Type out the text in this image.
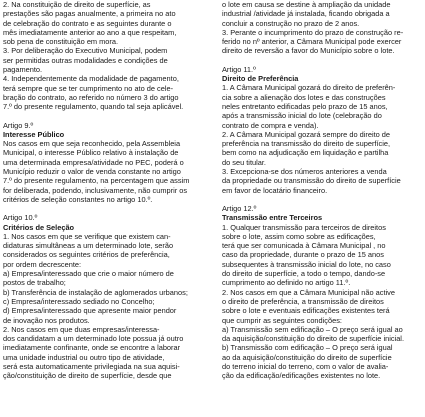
2. Na constituição de direito de superfície, as
prestações são pagas anualmente, a primeira no ato
de celebração do contrato e as seguintes durante o
mês imediatamente anterior ao ano a que respeitam,
sob pena de constituição em mora.

3. Por deliberação do Executivo Municipal, podem
ser permitidas outras modalidades e condições de
pagamento.

4. Independentemente da modalidade de pagamento,
terá sempre que se ter cumprimento no ato de cele-
bração do contrato, ao referido no número 3 do artigo
7.º do presente regulamento, quando tal seja aplicável.

Artigo 9.º

Interesse Público

Nos casos em que seja reconhecido, pela Assembleia
Municipal, o interesse Público relativo à instalação de
uma determinada empresa/atividade no PEC, poderá o
Município reduzir o valor de venda constante no artigo
7.º do presente regulamento, na percentagem que assim
for deliberada, podendo, inclusivamente, não cumprir os
critérios de seleção constantes no artigo 10.º.

Artigo 10.º

Critérios de Seleção

1. Nos casos em que se verifique que existem can-
didaturas simultâneas a um determinado lote, serão
considerados os seguintes critérios de preferência,
por ordem decrescente:

a) Empresa/interessado que crie o maior número de
postos de trabalho;

b) Transferência de instalação de aglomerados urbanos;

c) Empresa/interessado sediado no Concelho;

d) Empresa/interessado que apresente maior pendor
de inovação nos produtos.

2. Nos casos em que duas empresas/interessa-
dos candidatam a um determinado lote possua já outro
imediatamente confinante, onde se encontre a laborar
uma unidade industrial ou outro tipo de atividade,
será esta automaticamente privilegiada na sua aquisi-
ção/constituição de direito de superfície, desde que

o lote em causa se destine à ampliação da unidade
industrial /atividade já instalada, ficando obrigada a
concluir a construção no prazo de 2 anos.

3. Perante o incumprimento do prazo de construção re-
ferido no nº anterior, a Câmara Municipal pode exercer
direito de reversão a favor do Município sobre o lote.

Artigo 11.º

Direito de Preferência

1. A Câmara Municipal gozará do direito de preferên-
cia sobre a alienação dos lotes e das construções
neles entretanto edificadas pelo prazo de 15 anos,
após a transmissão inicial do lote (celebração do
contrato de compra e venda).

2. A Câmara Municipal gozará sempre do direito de
preferência na transmissão do direito de superfície,
bem como na adjudicação em liquidação e partilha
do seu titular.

3. Excepciona-se dos números anteriores a venda
da propriedade ou transmissão do direito de superfície
em favor de locatário financeiro.

Artigo 12.º

Transmissão entre Terceiros

1. Qualquer transmissão para terceiros de direitos
sobre o lote, assim como sobre as edificações,
terá que ser comunicada à Câmara Municipal , no
caso da propriedade, durante o prazo de 15 anos
subsequentes à transmissão inicial do lote, no caso
do direito de superfície, a todo o tempo, dando-se
cumprimento ao definido no artigo 11.º.

2. Nos casos em que a Câmara Municipal não active
o direito de preferência, a transmissão de direitos
sobre o lote e eventuais edificações existentes terá
que cumprir as seguintes condições:

a) Transmissão sem edificação – O preço será igual ao
da aquisição/constituição do direito de superfície inicial.

b) Transmissão com edificação – O preço será igual
ao da aquisição/constituição do direito de superfície
do terreno inicial do terreno, com o valor de avalia-
ção da edificação/edificações existentes no lote.
